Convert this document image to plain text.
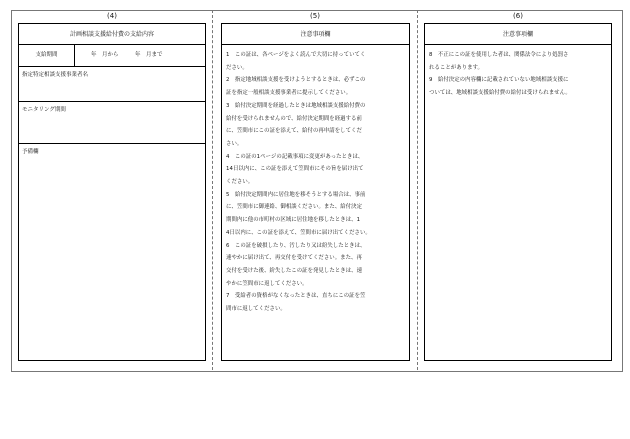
(4)	(5)	(6)
計画相談支援給付費の支給内容
支給期間	年　月から　　　年　月まで
指定特定相談支援事業者名
モニタリング期間
予備欄
注意事項欄

1　この証は、各ページをよく読んで大切に持っていてく

ださい。

2　指定地域相談支援を受けようとするときは、必ずこの

証を指定一般相談支援事業者に提示してください。

3　給付決定期間を経過したときは地域相談支援給付費の

給付を受けられませんので、給付決定期間を経過する前

に、笠間市にこの証を添えて、給付の再申請をしてくだ

さい。

4　この証の1ページの記載事項に変更があったときは、

14日以内に、この証を添えて笠間市にその旨を届け出て

ください。

5　給付決定期間内に居住地を移そうとする場合は、事前

に、笠間市に御連絡、御相談ください。また、給付決定

期間内に他の市町村の区域に居住地を移したときは、1

4日以内に、この証を添えて、笠間市に届け出てください。

6　この証を破損したり、汚したり又は紛失したときは、

速やかに届け出て、再交付を受けてください。また、再

交付を受けた後、紛失したこの証を発見したときは、速

やかに笠間市に返してください。

7　受給者の資格がなくなったときは、直ちにこの証を笠

間市に返してください。

注意事項欄

8　不正にこの証を使用した者は、関係法令により処罰さ

れることがあります。

9　給付決定の内容欄に記載されていない地域相談支援に

ついては、地域相談支援給付費の給付は受けられません。
